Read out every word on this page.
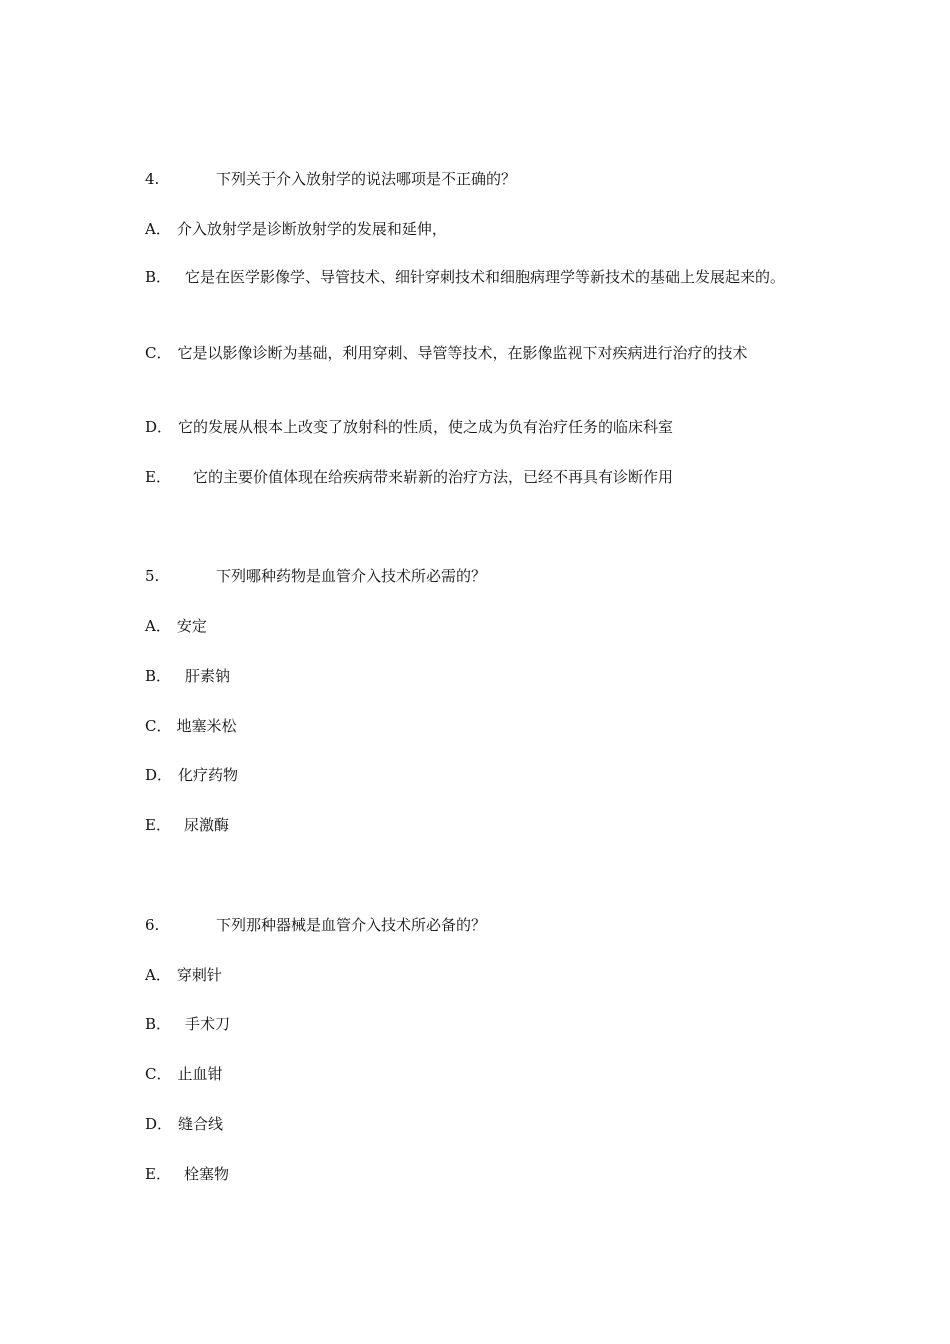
4.	下列关于介入放射学的说法哪项是不正确的？
A． 介入放射学是诊断放射学的发展和延伸，
B． 它是在医学影像学、导管技术、细针穿刺技术和细胞病理学等新技术的基础上发展起来的。
C． 它是以影像诊断为基础，利用穿刺、导管等技术，在影像监视下对疾病进行治疗的技术
D． 它的发展从根本上改变了放射科的性质，使之成为负有治疗任务的临床科室
E． 它的主要价值体现在给疾病带来崭新的治疗方法，已经不再具有诊断作用
5.	下列哪种药物是血管介入技术所必需的？
A． 安定
B． 肝素钠
C． 地塞米松
D． 化疗药物
E． 尿激酶
6.	下列那种器械是血管介入技术所必备的？
A． 穿刺针
B． 手术刀
C． 止血钳
D． 缝合线
E． 栓塞物
